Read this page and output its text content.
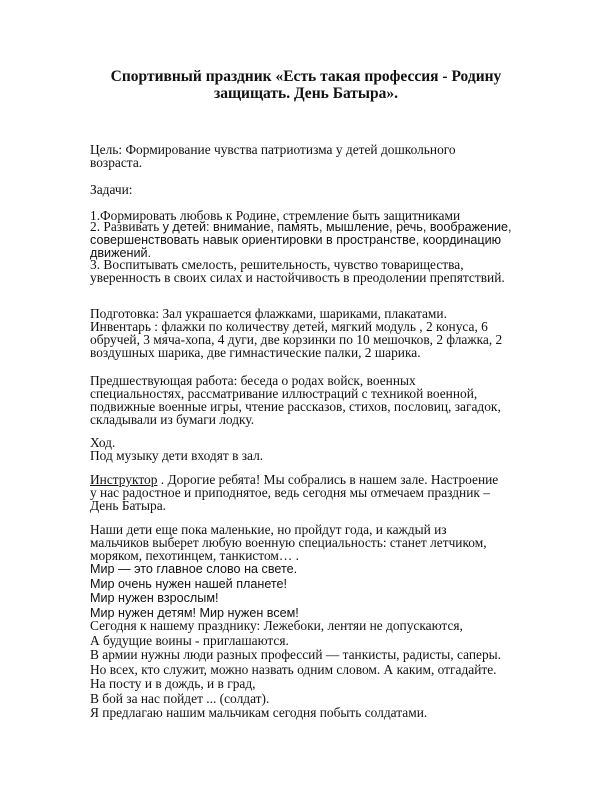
Спортивный праздник «Есть такая профессия - Родину
защищать. День Батыра».
Цель: Формирование чувства патриотизма у детей дошкольного
возраста.
Задачи:
1.Формировать любовь к Родине, стремление быть защитниками
2. Развивать у детей: внимание, память, мышление, речь, воображение,
совершенствовать навык ориентировки в пространстве, координацию
движений.
3. Воспитывать смелость, решительность, чувство товарищества,
уверенность в своих силах и настойчивость в преодолении препятствий.
Подготовка: Зал украшается флажками, шариками, плакатами.
Инвентарь : флажки по количеству детей, мягкий модуль , 2 конуса, 6
обручей, 3 мяча-хопа, 4 дуги, две корзинки по 10 мешочков, 2 флажка, 2
воздушных шарика, две гимнастические палки, 2 шарика.
Предшествующая работа: беседа о родах войск, военных
специальностях, рассматривание иллюстраций с техникой военной,
подвижные военные игры, чтение рассказов, стихов, пословиц, загадок,
складывали из бумаги лодку.
Ход.
Под музыку дети входят в зал.
Инструктор . Дорогие ребята! Мы собрались в нашем зале. Настроение
у нас радостное и приподнятое, ведь сегодня мы отмечаем праздник –
День Батыра.
Наши дети еще пока маленькие, но пройдут года, и каждый из
мальчиков выберет любую военную специальность: станет летчиком,
моряком, пехотинцем, танкистом… .
Мир — это главное слово на свете.
Мир очень нужен нашей планете!
Мир нужен взрослым!
Мир нужен детям! Мир нужен всем!
Сегодня к нашему празднику: Лежебоки, лентяи не допускаются,
А будущие воины - приглашаются.
В армии нужны люди разных профессий — танкисты, радисты, саперы.
Но всех, кто служит, можно назвать одним словом. А каким, отгадайте.
На посту и в дождь, и в град,
В бой за нас пойдет ... (солдат).
Я предлагаю нашим мальчикам сегодня побыть солдатами.
